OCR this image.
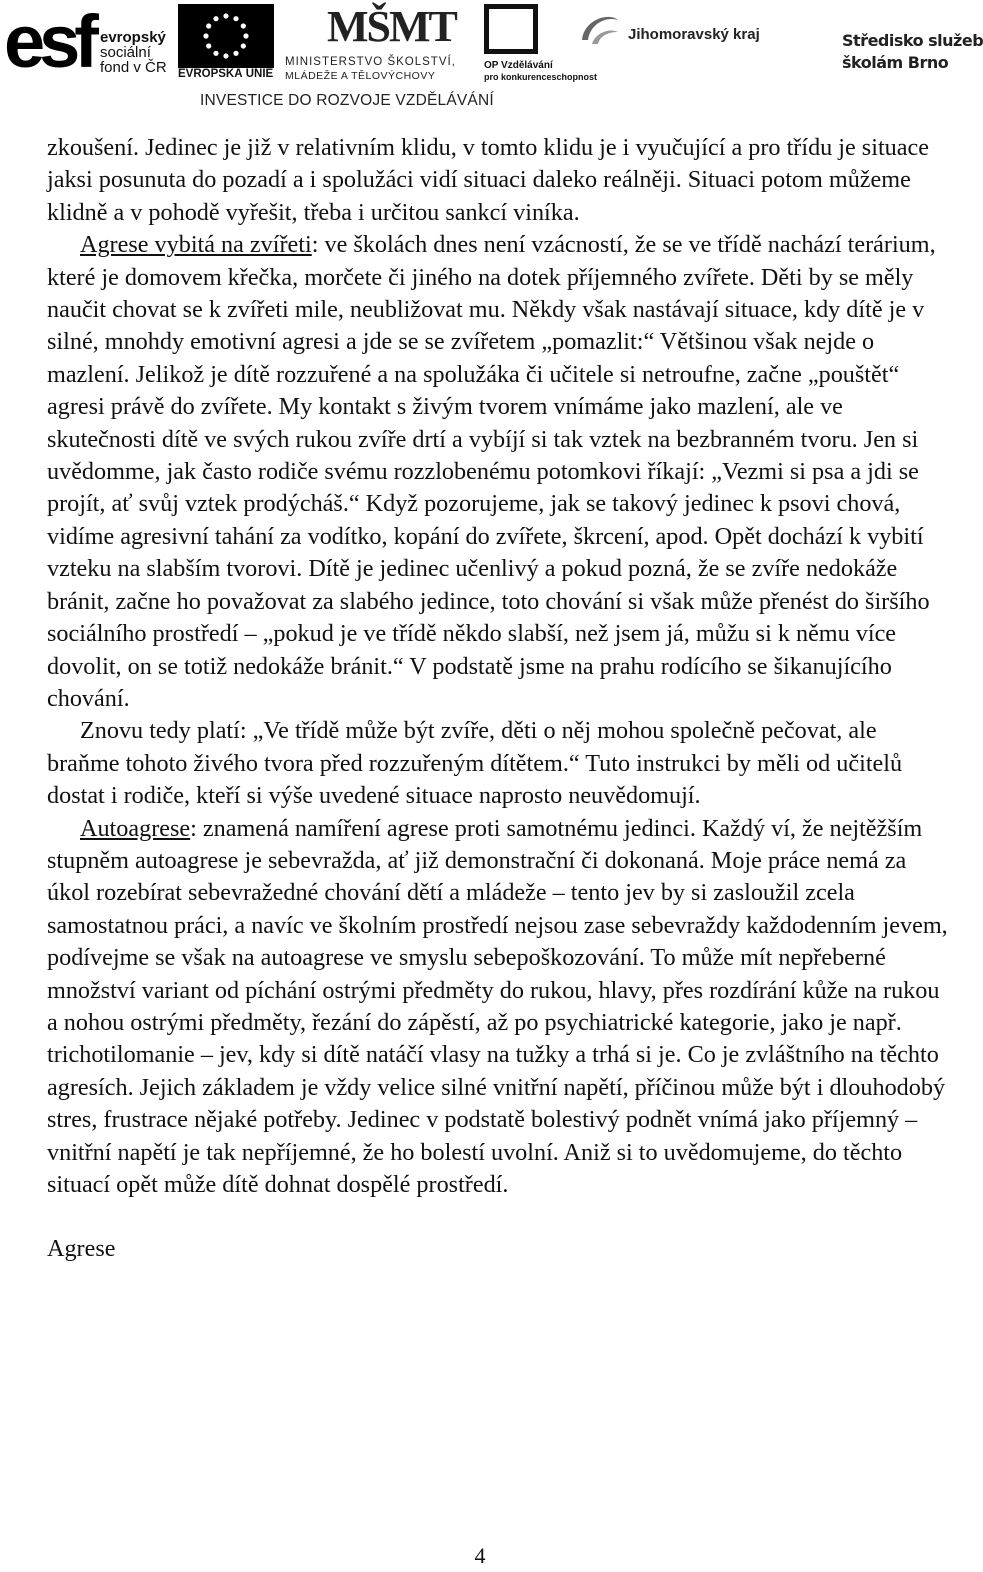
esf evropský
sociální
fond v ČR EVROPSKÁ UNIE
MŠMT
MINISTERSTVO ŠKOLSTVÍ,
MLÁDEŽE A TĚLOVÝCHOVY
OP Vzdělávání
pro konkurenceschopnost
Jihomoravský kraj	Středisko služeb
školám Brno
INVESTICE DO ROZVOJE VZDĚLÁVÁNÍ

zkoušení. Jedinec je již v relativním klidu, v tomto klidu je i vyučující a pro třídu je situace jaksi posunuta do pozadí a i spolužáci vidí situaci daleko reálněji. Situaci potom můžeme klidně a v pohodě vyřešit, třeba i určitou sankcí viníka.

Agrese vybitá na zvířeti: ve školách dnes není vzácností, že se ve třídě nachází terárium, které je domovem křečka, morčete či jiného na dotek příjemného zvířete. Děti by se měly naučit chovat se k zvířeti mile, neubližovat mu. Někdy však nastávají situace, kdy dítě je v silné, mnohdy emotivní agresi a jde se se zvířetem „pomazlit:“ Většinou však nejde o mazlení. Jelikož je dítě rozzuřené a na spolužáka či učitele si netroufne, začne „pouštět“ agresi právě do zvířete. My kontakt s živým tvorem vnímáme jako mazlení, ale ve skutečnosti dítě ve svých rukou zvíře drtí a vybíjí si tak vztek na bezbranném tvoru. Jen si uvědomme, jak často rodiče svému rozzlobenému potomkovi říkají: „Vezmi si psa a jdi se projít, ať svůj vztek prodýcháš.“ Když pozorujeme, jak se takový jedinec k psovi chová, vidíme agresivní tahání za vodítko, kopání do zvířete, škrcení, apod. Opět dochází k vybití vzteku na slabším tvorovi. Dítě je jedinec učenlivý a pokud pozná, že se zvíře nedokáže bránit, začne ho považovat za slabého jedince, toto chování si však může přenést do širšího sociálního prostředí – „pokud je ve třídě někdo slabší, než jsem já, můžu si k němu více dovolit, on se totiž nedokáže bránit.“ V podstatě jsme na prahu rodícího se šikanujícího chování.

Znovu tedy platí: „Ve třídě může být zvíře, děti o něj mohou společně pečovat, ale braňme tohoto živého tvora před rozzuřeným dítětem.“ Tuto instrukci by měli od učitelů dostat i rodiče, kteří si výše uvedené situace naprosto neuvědomují.

Autoagrese: znamená namíření agrese proti samotnému jedinci. Každý ví, že nejtěžším stupněm autoagrese je sebevražda, ať již demonstrační či dokonaná. Moje práce nemá za úkol rozebírat sebevražedné chování dětí a mládeže – tento jev by si zasloužil zcela samostatnou práci, a navíc ve školním prostředí nejsou zase sebevraždy každodenním jevem, podívejme se však na autoagrese ve smyslu sebepoškozování. To může mít nepřeberné množství variant od píchání ostrými předměty do rukou, hlavy, přes rozdírání kůže na rukou a nohou ostrými předměty, řezání do zápěstí, až po psychiatrické kategorie, jako je např. trichotilomanie – jev, kdy si dítě natáčí vlasy na tužky a trhá si je. Co je zvláštního na těchto agresích. Jejich základem je vždy velice silné vnitřní napětí, příčinou může být i dlouhodobý stres, frustrace nějaké potřeby. Jedinec v podstatě bolestivý podnět vnímá jako příjemný – vnitřní napětí je tak nepříjemné, že ho bolestí uvolní. Aniž si to uvědomujeme, do těchto situací opět může dítě dohnat dospělé prostředí.

Agrese

4
